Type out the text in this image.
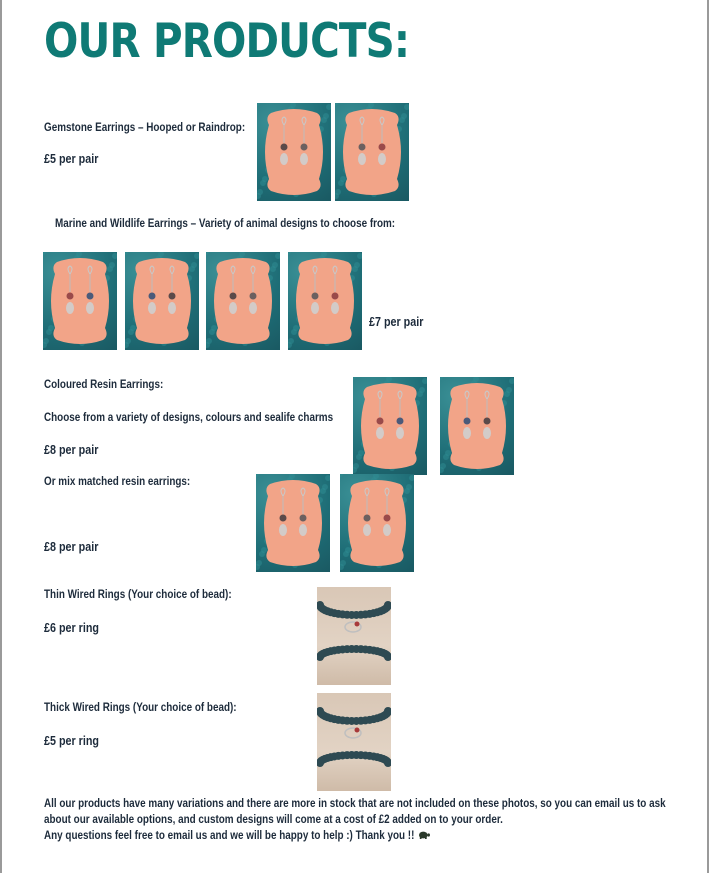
OUR PRODUCTS:
Gemstone Earrings – Hooped or Raindrop:
£5 per pair
Marine and Wildlife Earrings – Variety of animal designs to choose from:
£7 per pair
Coloured Resin Earrings:
Choose from a variety of designs, colours and sealife charms
£8 per pair
Or mix matched resin earrings:
£8 per pair
Thin Wired Rings (Your choice of bead):
£6 per ring
Thick Wired Rings (Your choice of bead):
£5 per ring
All our products have many variations and there are more in stock that are not included on these photos, so you can email us to ask
about our available options, and custom designs will come at a cost of £2 added on to your order.
Any questions feel free to email us and we will be happy to help :) Thank you !!
